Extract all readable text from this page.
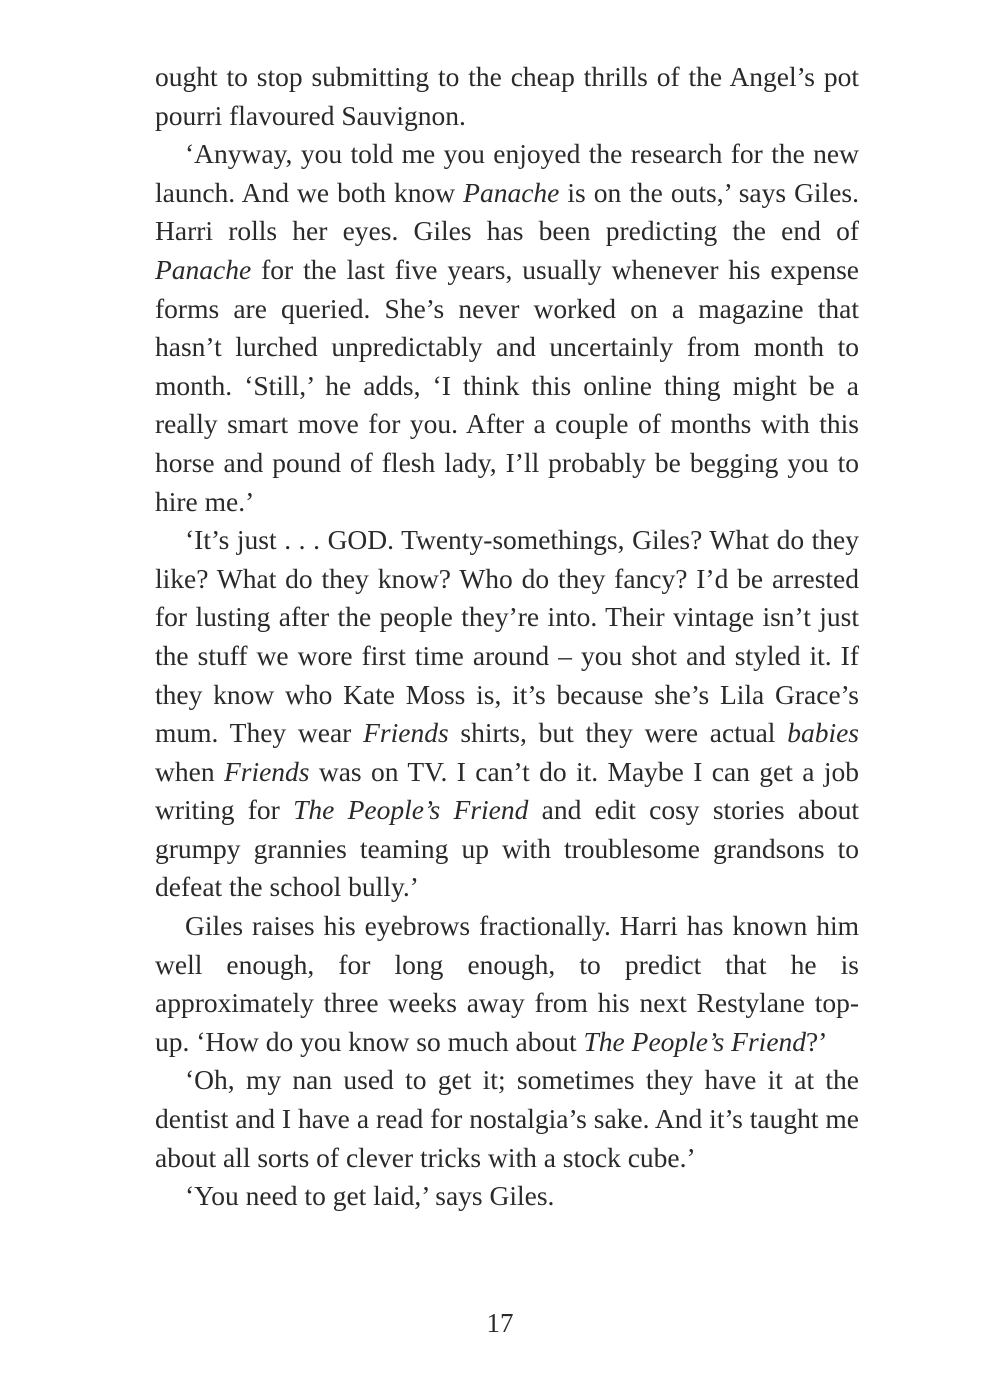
ought to stop submitting to the cheap thrills of the Angel’s pot pourri flavoured Sauvignon.

‘Anyway, you told me you enjoyed the research for the new launch. And we both know Panache is on the outs,’ says Giles. Harri rolls her eyes. Giles has been predicting the end of Panache for the last five years, usually whenever his expense forms are queried. She’s never worked on a magazine that hasn’t lurched unpredictably and uncertainly from month to month. ‘Still,’ he adds, ‘I think this online thing might be a really smart move for you. After a couple of months with this horse and pound of flesh lady, I’ll probably be begging you to hire me.’

‘It’s just . . . GOD. Twenty-somethings, Giles? What do they like? What do they know? Who do they fancy? I’d be arrested for lusting after the people they’re into. Their vintage isn’t just the stuff we wore first time around – you shot and styled it. If they know who Kate Moss is, it’s because she’s Lila Grace’s mum. They wear Friends shirts, but they were actual babies when Friends was on TV. I can’t do it. Maybe I can get a job writing for The People’s Friend and edit cosy stories about grumpy grannies teaming up with troublesome grandsons to defeat the school bully.’

Giles raises his eyebrows fractionally. Harri has known him well enough, for long enough, to predict that he is approximately three weeks away from his next Restylane top-up. ‘How do you know so much about The People’s Friend?’

‘Oh, my nan used to get it; sometimes they have it at the dentist and I have a read for nostalgia’s sake. And it’s taught me about all sorts of clever tricks with a stock cube.’

‘You need to get laid,’ says Giles.

17
